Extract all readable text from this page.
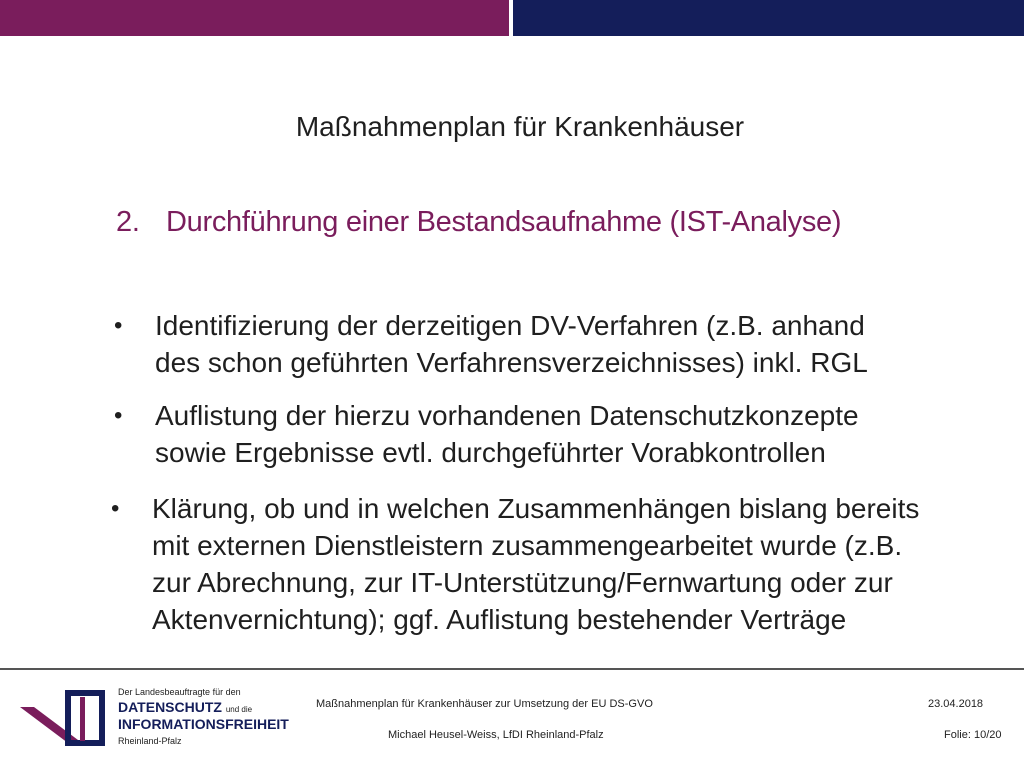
Maßnahmenplan für Krankenhäuser
2. Durchführung einer Bestandsaufnahme (IST-Analyse)
• Identifizierung der derzeitigen DV-Verfahren (z.B. anhand
des schon geführten Verfahrensverzeichnisses) inkl. RGL
• Auflistung der hierzu vorhandenen Datenschutzkonzepte
sowie Ergebnisse evtl. durchgeführter Vorabkontrollen
• Klärung, ob und in welchen Zusammenhängen bislang bereits
mit externen Dienstleistern zusammengearbeitet wurde (z.B.
zur Abrechnung, zur IT-Unterstützung/Fernwartung oder zur
Aktenvernichtung); ggf. Auflistung bestehender Verträge
Der Landesbeauftragte für den
DATENSCHUTZ und die
INFORMATIONSFREIHEIT
Rheinland-Pfalz
Maßnahmenplan für Krankenhäuser zur Umsetzung der EU DS-GVO	23.04.2018
Michael Heusel-Weiss, LfDI Rheinland-Pfalz	Folie: 10/20
